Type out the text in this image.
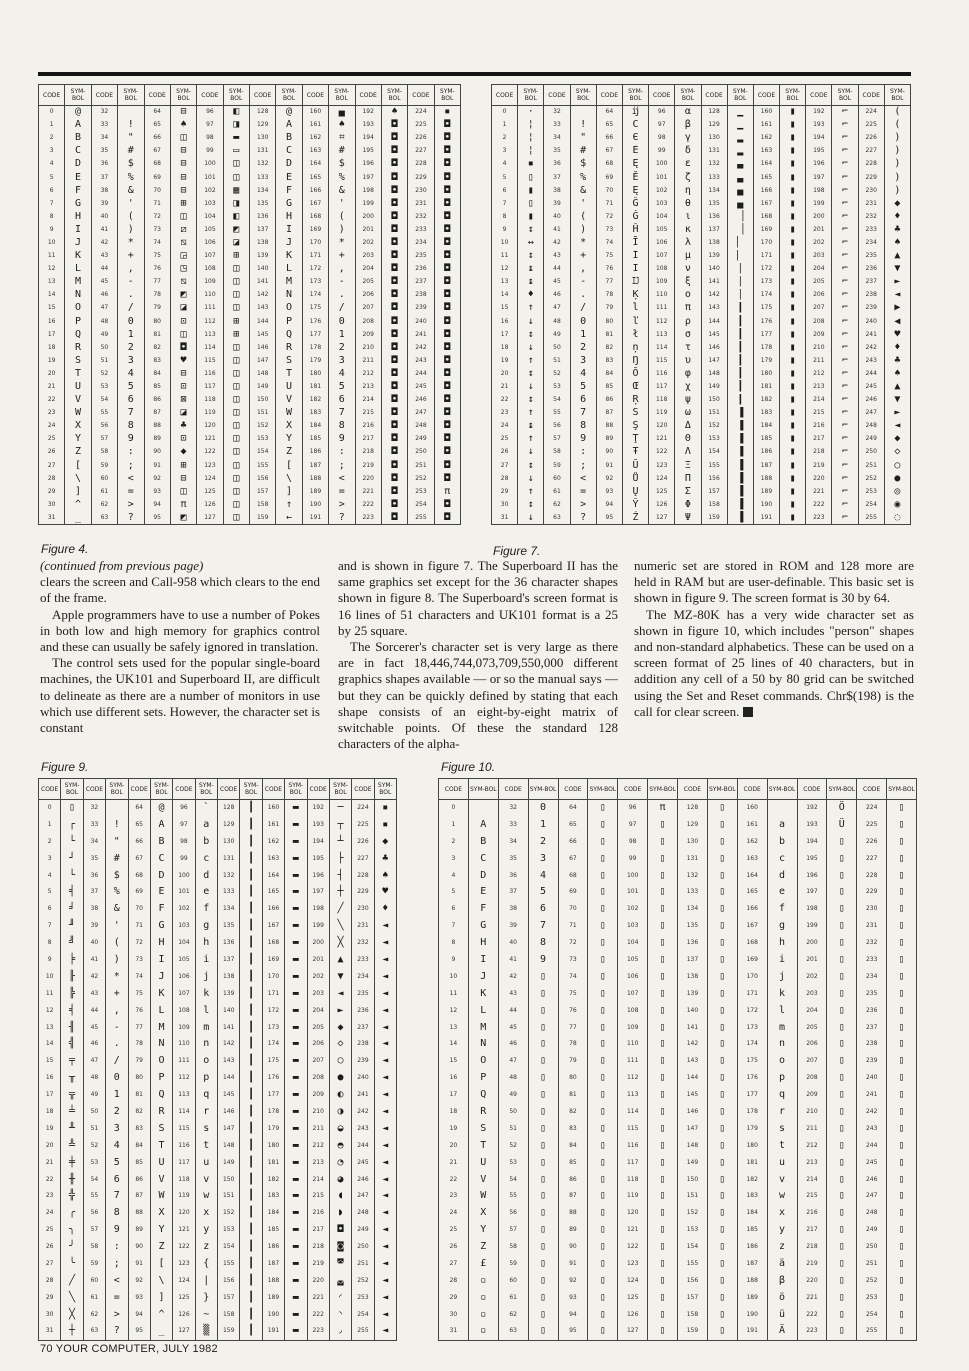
CODE	SYM-BOL	CODE	SYM-BOL	CODE	SYM-BOL	CODE	SYM-BOL	CODE	SYM-BOL	CODE	SYM-BOL	CODE	SYM-BOL	CODE	SYM-BOL
0	@	32		64	⊟	96	◧	128	@	160	▄	192	♠	224	▪
1	A	33	!	65	♠	97	◨	129	A	161	♠	193	◘	225	◘
2	B	34	"	66	◫	98	▬	130	B	162	⌗	194	◘	226	◘
3	C	35	#	67	⊟	99	▭	131	C	163	#	195	◘	227	◘
4	D	36	$	68	⊟	100	◫	132	D	164	$	196	◘	228	◘
5	E	37	%	69	⊟	101	◫	133	E	165	%	197	◘	229	◘
6	F	38	&	70	⊟	102	▦	134	F	166	&	198	◘	230	◘
7	G	39	'	71	⊞	103	◨	135	G	167	'	199	◘	231	◘
8	H	40	(	72	◫	104	◧	136	H	168	(	200	◘	232	◘
9	I	41	)	73	⧄	105	◩	137	I	169	)	201	◘	233	◘
10	J	42	*	74	⧅	106	◪	138	J	170	*	202	◘	234	◘
11	K	43	+	75	◲	107	⊞	139	K	171	+	203	◘	235	◘
12	L	44	,	76	◳	108	◫	140	L	172	,	204	◘	236	◘
13	M	45	-	77	⧅	109	◫	141	M	173	-	205	◘	237	◘
14	N	46	.	78	◩	110	◫	142	N	174	.	206	◘	238	◘
15	O	47	/	79	◪	111	◫	143	O	175	/	207	◘	239	◘
16	P	48	0	80	⊡	112	⊞	144	P	176	0	208	◘	240	◘
17	Q	49	1	81	◫	113	⊞	145	Q	177	1	209	◘	241	◘
18	R	50	2	82	◘	114	◫	146	R	178	2	210	◘	242	◘
19	S	51	3	83	♥	115	◫	147	S	179	3	211	◘	243	◘
20	T	52	4	84	⊟	116	◫	148	T	180	4	212	◘	244	◘
21	U	53	5	85	⊡	117	◫	149	U	181	5	213	◘	245	◘
22	V	54	6	86	⊠	118	◫	150	V	182	6	214	◘	246	◘
23	W	55	7	87	◪	119	◫	151	W	183	7	215	◘	247	◘
24	X	56	8	88	♣	120	◫	152	X	184	8	216	◘	248	◘
25	Y	57	9	89	⊡	121	◫	153	Y	185	9	217	◘	249	◘
26	Z	58	:	90	◆	122	◫	154	Z	186	:	218	◘	250	◘
27	[	59	;	91	⊞	123	◫	155	[	187	;	219	◘	251	◘
28	\	60	<	92	⊟	124	◫	156	\	188	<	220	◘	252	◘
29	]	61	=	93	◫	125	◫	157	]	189	=	221	◘	253	π
30	^	62	>	94	π	126	◫	158	↑	190	>	222	◘	254	◘
31	_	63	?	95	◩	127	◫	159	←	191	?	223	◘	255	◘
CODE	SYM-BOL	CODE	SYM-BOL	CODE	SYM-BOL	CODE	SYM-BOL	CODE	SYM-BOL	CODE	SYM-BOL	CODE	SYM-BOL	CODE	SYM-BOL
0	·	32		64	ĳ	96	α	128	▁	160	▮	192	⌐	224	(
1	¦	33	!	65	Č	97	β	129	▁	161	▮	193	⌐	225	(
2	¦	34	"	66	Є	98	γ	130	▂	162	▮	194	⌐	226	)
3	¦	35	#	67	Ĕ	99	δ	131	▂	163	▮	195	⌐	227	)
4	▪	36	$	68	Ę	100	ε	132	▃	164	▮	196	⌐	228	)
5	▯	37	%	69	Ĕ	101	ζ	133	▃	165	▮	197	⌐	229	)
6	▮	38	&	70	Ę	102	η	134	▄	166	▮	198	⌐	230	)
7	▯	39	'	71	Ĝ	103	θ	135	▄	167	▮	199	⌐	231	◆
8	▮	40	(	72	Ġ	104	ι	136	▕	168	▮	200	⌐	232	♦
9	↕	41	)	73	Ĥ	105	κ	137	▕	169	▮	201	⌐	233	♣
10	↔	42	*	74	Ĩ	106	λ	138	▏	170	▮	202	⌐	234	♠
11	↕	43	+	75	Ĭ	107	μ	139	▏	171	▮	203	⌐	235	▲
12	↨	44	,	76	İ	108	ν	140	│	172	▮	204	⌐	236	▼
13	↨	45	-	77	Ĳ	109	ξ	141	│	173	▮	205	⌐	237	►
14	♦	46	.	78	Ķ	110	ο	142	│	174	▮	206	⌐	238	◄
15	↑	47	/	79	ĺ	111	π	143	┃	175	▮	207	⌐	239	▶
16	↓	48	0	80	ľ	112	ρ	144	┃	176	▮	208	⌐	240	◀
17	↕	49	1	81	ł	113	σ	145	┃	177	▮	209	⌐	241	♥
18	↓	50	2	82	ņ	114	τ	146	┃	178	▮	210	⌐	242	♦
19	↑	51	3	83	Ŋ	115	υ	147	┃	179	▮	211	⌐	243	♣
20	↕	52	4	84	Ŏ	116	φ	148	┃	180	▮	212	⌐	244	♠
21	↓	53	5	85	Œ	117	χ	149	┃	181	▮	213	⌐	245	▲
22	↕	54	6	86	Ŗ	118	ψ	150	┃	182	▮	214	⌐	246	▼
23	↑	55	7	87	Ś	119	ω	151	▐	183	▮	215	⌐	247	►
24	↨	56	8	88	Ş	120	Δ	152	▐	184	▮	216	⌐	248	◄
25	↑	57	9	89	Ţ	121	Θ	153	▐	185	▮	217	⌐	249	◆
26	↓	58	:	90	Ŧ	122	Λ	154	▐	186	▮	218	⌐	250	◇
27	↕	59	;	91	Ū	123	Ξ	155	▐	187	▮	219	⌐	251	○
28	↓	60	<	92	Ů	124	Π	156	▐	188	▮	220	⌐	252	●
29	↑	61	=	93	Ų	125	Σ	157	▐	189	▮	221	⌐	253	◎
30	↕	62	>	94	Ŷ	126	Φ	158	▐	190	▮	222	⌐	254	◉
31	↓	63	?	95	Ź	127	Ψ	159	▐	191	▮	223	⌐	255	◌
CODE	SYM-BOL	CODE	SYM-BOL	CODE	SYM-BOL	CODE	SYM-BOL	CODE	SYM-BOL	CODE	SYM-BOL	CODE	SYM-BOL	CODE	SYM-BOL
0	▯	32		64	@	96	`	128	┃	160	▬	192	─	224	▪
1	┌	33	!	65	A	97	a	129	┃	161	▬	193	┬	225	▪
2	└	34	"	66	B	98	b	130	┃	162	▬	194	┴	226	◆
3	┘	35	#	67	C	99	c	131	┃	163	▬	195	├	227	♣
4	└	36	$	68	D	100	d	132	┃	164	▬	196	┤	228	♠
5	╡	37	%	69	E	101	e	133	┃	165	▬	197	┼	229	♥
6	╛	38	&	70	F	102	f	134	┃	166	▬	198	╱	230	♦
7	╜	39	'	71	G	103	g	135	┃	167	▬	199	╲	231	◄
8	╝	40	(	72	H	104	h	136	┃	168	▬	200	╳	232	◄
9	╞	41	)	73	I	105	i	137	┃	169	▬	201	▲	233	◄
10	╟	42	*	74	J	106	j	138	┃	170	▬	202	▼	234	◄
11	╠	43	+	75	K	107	k	139	┃	171	▬	203	◄	235	◄
12	╡	44	,	76	L	108	l	140	┃	172	▬	204	►	236	◄
13	╢	45	-	77	M	109	m	141	┃	173	▬	205	◆	237	◄
14	╣	46	.	78	N	110	n	142	┃	174	▬	206	◇	238	◄
15	╤	47	/	79	O	111	o	143	┃	175	▬	207	○	239	◄
16	╥	48	0	80	P	112	p	144	┃	176	▬	208	●	240	◄
17	╦	49	1	81	Q	113	q	145	┃	177	▬	209	◐	241	◄
18	╧	50	2	82	R	114	r	146	┃	178	▬	210	◑	242	◄
19	╨	51	3	83	S	115	s	147	┃	179	▬	211	◒	243	◄
20	╩	52	4	84	T	116	t	148	┃	180	▬	212	◓	244	◄
21	╪	53	5	85	U	117	u	149	┃	181	▬	213	◔	245	◄
22	╫	54	6	86	V	118	v	150	┃	182	▬	214	◕	246	◄
23	╬	55	7	87	W	119	w	151	┃	183	▬	215	◖	247	◄
24	╭	56	8	88	X	120	x	152	┃	184	▬	216	◗	248	◄
25	╮	57	9	89	Y	121	y	153	┃	185	▬	217	◘	249	◄
26	╯	58	:	90	Z	122	z	154	┃	186	▬	218	◙	250	◄
27	╰	59	;	91	[	123	{	155	┃	187	▬	219	◚	251	◄
28	╱	60	<	92	\	124	|	156	┃	188	▬	220	◛	252	◄
29	╲	61	=	93	]	125	}	157	┃	189	▬	221	◜	253	◄
30	╳	62	>	94	^	126	~	158	┃	190	▬	222	◝	254	◄
31	┼	63	?	95	_	127	▒	159	┃	191	▬	223	◞	255	◄
CODE	SYM-BOL	CODE	SYM-BOL	CODE	SYM-BOL	CODE	SYM-BOL	CODE	SYM-BOL	CODE	SYM-BOL	CODE	SYM-BOL	CODE	SYM-BOL
0		32	0	64	▯	96	π	128	▯	160		192	Ö	224	▯
1	A	33	1	65	▯	97	▯	129	▯	161	a	193	Ü	225	▯
2	B	34	2	66	▯	98	▯	130	▯	162	b	194	▯	226	▯
3	C	35	3	67	▯	99	▯	131	▯	163	c	195	▯	227	▯
4	D	36	4	68	▯	100	▯	132	▯	164	d	196	▯	228	▯
5	E	37	5	69	▯	101	▯	133	▯	165	e	197	▯	229	▯
6	F	38	6	70	▯	102	▯	134	▯	166	f	198	▯	230	▯
7	G	39	7	71	▯	103	▯	135	▯	167	g	199	▯	231	▯
8	H	40	8	72	▯	104	▯	136	▯	168	h	200	▯	232	▯
9	I	41	9	73	▯	105	▯	137	▯	169	i	201	▯	233	▯
10	J	42	▯	74	▯	106	▯	138	▯	170	j	202	▯	234	▯
11	K	43	▯	75	▯	107	▯	139	▯	171	k	203	▯	235	▯
12	L	44	▯	76	▯	108	▯	140	▯	172	l	204	▯	236	▯
13	M	45	▯	77	▯	109	▯	141	▯	173	m	205	▯	237	▯
14	N	46	▯	78	▯	110	▯	142	▯	174	n	206	▯	238	▯
15	O	47	▯	79	▯	111	▯	143	▯	175	o	207	▯	239	▯
16	P	48	▯	80	▯	112	▯	144	▯	176	p	208	▯	240	▯
17	Q	49	▯	81	▯	113	▯	145	▯	177	q	209	▯	241	▯
18	R	50	▯	82	▯	114	▯	146	▯	178	r	210	▯	242	▯
19	S	51	▯	83	▯	115	▯	147	▯	179	s	211	▯	243	▯
20	T	52	▯	84	▯	116	▯	148	▯	180	t	212	▯	244	▯
21	U	53	▯	85	▯	117	▯	149	▯	181	u	213	▯	245	▯
22	V	54	▯	86	▯	118	▯	150	▯	182	v	214	▯	246	▯
23	W	55	▯	87	▯	119	▯	151	▯	183	w	215	▯	247	▯
24	X	56	▯	88	▯	120	▯	152	▯	184	x	216	▯	248	▯
25	Y	57	▯	89	▯	121	▯	153	▯	185	y	217	▯	249	▯
26	Z	58	▯	90	▯	122	▯	154	▯	186	z	218	▯	250	▯
27	£	59	▯	91	▯	123	▯	155	▯	187	ä	219	▯	251	▯
28	▫	60	▯	92	▯	124	▯	156	▯	188	β	220	▯	252	▯
29	▫	61	▯	93	▯	125	▯	157	▯	189	ö	221	▯	253	▯
30	▫	62	▯	94	▯	126	▯	158	▯	190	ü	222	▯	254	▯
31	▫	63	▯	95	▯	127	▯	159	▯	191	Ä	223	▯	255	▯
Figure 4.	Figure 7.
Figure 9.	Figure 10.

(continued from previous page)

clears the screen and Call-958 which clears to the end of the frame.

Apple programmers have to use a number of Pokes in both low and high memory for graphics control and these can usually be safely ignored in translation.

The control sets used for the popular single-board machines, the UK101 and Superboard II, are difficult to delineate as there are a number of monitors in use which use different sets. However, the character set is constant

and is shown in figure 7. The Superboard II has the same graphics set except for the 36 character shapes shown in figure 8. The Superboard's screen format is 16 lines of 51 characters and UK101 format is a 25 by 25 square.

The Sorcerer's character set is very large as there are in fact 18,446,744,073,709,550,000 different graphics shapes available — or so the manual says — but they can be quickly defined by stating that each shape consists of an eight-by-eight matrix of switchable points. Of these the standard 128 characters of the alpha-

numeric set are stored in ROM and 128 more are held in RAM but are user-definable. This basic set is shown in figure 9. The screen format is 30 by 64.

The MZ-80K has a very wide character set as shown in figure 10, which includes "person" shapes and non-standard alphabetics. These can be used on a screen format of 25 lines of 40 characters, but in addition any cell of a 50 by 80 grid can be switched using the Set and Reset commands. Chr$(198) is the call for clear screen.

70 YOUR COMPUTER, JULY 1982
